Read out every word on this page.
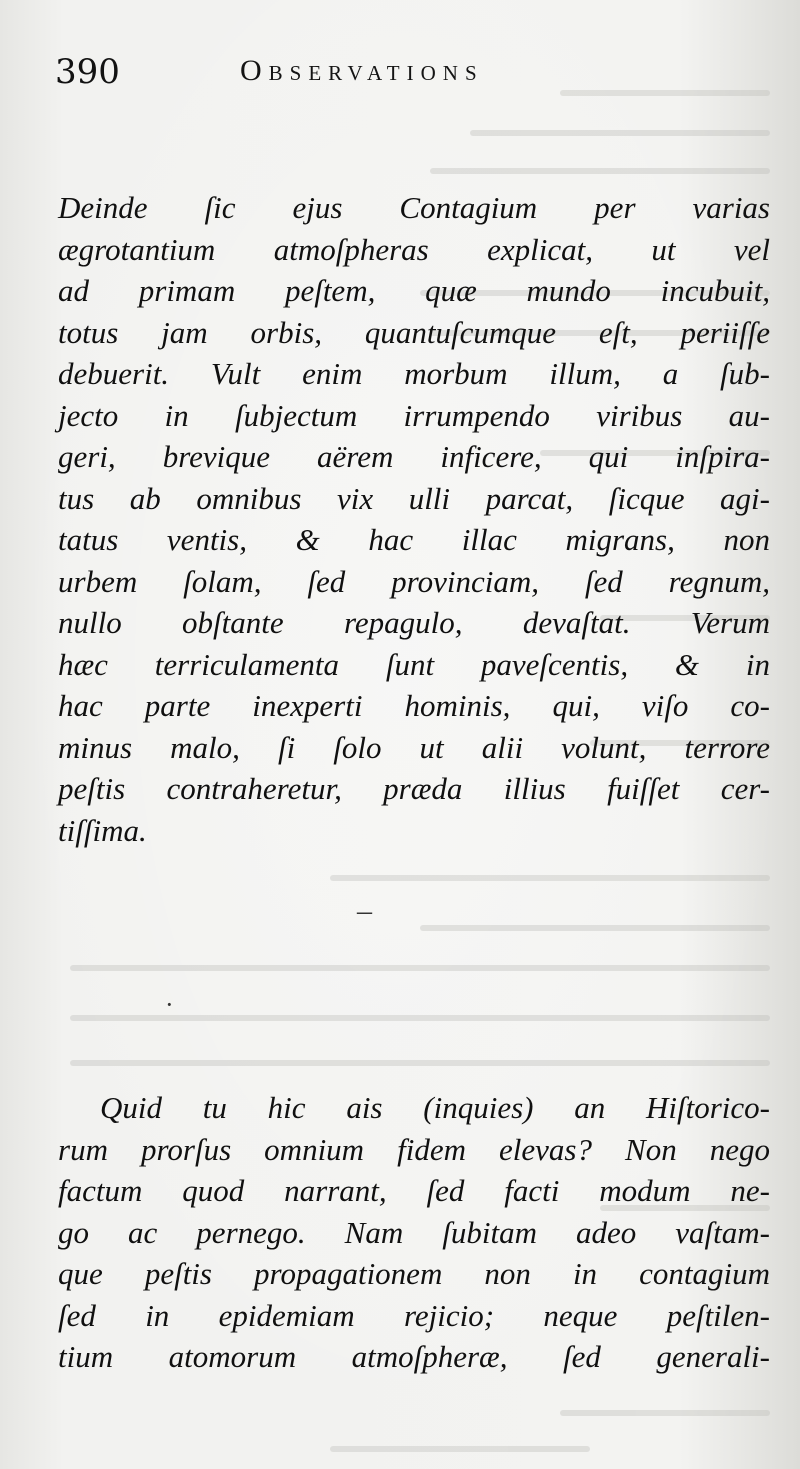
390	Observations

Deinde ſic ejus Contagium per varias
ægrotantium atmoſpheras explicat, ut vel
ad primam peſtem, quæ mundo incubuit,
totus jam orbis, quantuſcumque eſt, periiſſe
debuerit. Vult enim morbum illum, a ſub-
jecto in ſubjectum irrumpendo viribus au-
geri, brevique aërem inficere, qui inſpira-
tus ab omnibus vix ulli parcat, ſicque agi-
tatus ventis, & hac illac migrans, non
urbem ſolam, ſed provinciam, ſed regnum,
nullo obſtante repagulo, devaſtat. Verum
hæc terriculamenta ſunt paveſcentis, & in
hac parte inexperti hominis, qui, viſo co-
minus malo, ſi ſolo ut alii volunt, terrore
peſtis contraheretur, præda illius fuiſſet cer-
tiſſima.

–

·

Quid tu hic ais (inquies) an Hiſtorico-
rum prorſus omnium fidem elevas? Non nego
factum quod narrant, ſed facti modum ne-
go ac pernego. Nam ſubitam adeo vaſtam-
que peſtis propagationem non in contagium
ſed in epidemiam rejicio; neque peſtilen-
tium atomorum atmoſpheræ, ſed generali-
